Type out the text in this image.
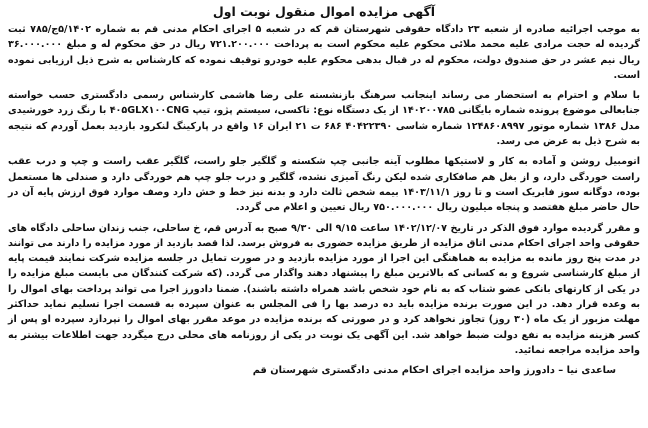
آگهی مزایده اموال منقول نوبت اول
به موجب اجرائیه صادره از شعبه ۲۳ دادگاه حقوقی شهرستان قم که در شعبه ۵ اجرای احکام مدنی قم به شماره ۵/۱۴۰۲ج/۷۸۵ ثبت گردیده له حجت مرادی علیه محمد ملائی محکوم علیه محکوم است به پرداخت ۷۲۱.۲۰۰.۰۰۰ ریال در حق محکوم له و مبلغ ۳۶.۰۰۰.۰۰۰ ریال نیم عشر در حق صندوق دولت، محکوم له در قبال بدهی محکوم علیه خودرو توقیف نموده که کارشناس به شرح ذیل ارزیابی نموده است.
با سلام و احترام به استحضار می رساند اینجانب سرهنگ بازنشسته علی رضا هاشمی کارشناس رسمی دادگستری حسب خواسته جنابعالی موضوع پرونده شماره بایگانی ۱۴۰۲۰۰۷۸۵ از یک دستگاه نوع: تاکسی، سیستم پژو، تیپ ۴۰۵GLX۱۰۰CNG با رنگ زرد خورشیدی مدل ۱۳۸۶ شماره موتور ۱۲۴۸۶۰۸۹۹۷ شماره شاسی ۴۰۴۲۲۳۹۰ ۶۸۶ ت ۲۱ ایران ۱۶ واقع در پارکینگ لنکرود بازدید بعمل آوردم که نتیجه به شرح ذیل به عرض می رسد.
اتومبیل روشن و آماده به کار و لاستیکها مطلوب آینه جانبی چپ شکسته و گلگیر جلو راست، گلگیر عقب راست و چپ و درب عقب راست خوردگی دارد، و از بغل هم صافکاری شده لیکن رنگ آمیزی نشده، گلگیر و درب جلو چپ هم خوردگی دارد و صندلی ها مستعمل بوده، دوگانه سوز فابریک است و تا روز ۱۴۰۳/۱۱/۱ بیمه شخص ثالث دارد و بدنه نیز خط و خش دارد وصف موارد فوق ارزش پایه آن در حال حاضر مبلغ هفتصد و پنجاه میلیون ریال ۷۵۰.۰۰۰.۰۰۰ ریال تعیین و اعلام می گردد.
و مقرر گردیده موارد فوق الذکر در تاریخ ۱۴۰۲/۱۲/۰۷ ساعت ۹/۱۵ الی ۹/۳۰ صبح به آدرس قم، خ ساحلی، جنب زندان ساحلی دادگاه های حقوقی واحد اجرای احکام مدنی اتاق مزایده از طریق مزایده حضوری به فروش برسد. لذا قصد بازدید از مورد مزایده را دارند می توانند در مدت پنج روز مانده به مزایده به هماهنگی این اجرا از مورد مزایده بازدید و در صورت تمایل در جلسه مزایده شرکت نمایند قیمت پایه از مبلغ کارشناسی شروع و به کسانی که بالاترین مبلغ را پیشنهاد دهند واگذار می گردد. (که شرکت کنندگان می بایست مبلغ مزایده را در یکی از کارتهای بانکی عضو شتاب که به نام خود شخص باشد همراه داشته باشند). ضمنا دادورز اجرا می تواند پرداخت بهای اموال را به وعده قرار دهد. در این صورت برنده مزایده باید ده درصد بها را فی المجلس به عنوان سپرده به قسمت اجرا تسلیم نماید حداکثر مهلت مزبور از یک ماه (۳۰ روز) تجاوز نخواهد کرد و در صورتی که برنده مزایده در موعد مقرر بهای اموال را نپردازد سپرده او پس از کسر هزینه مزایده به نفع دولت ضبط خواهد شد. این آگهی یک نوبت در یکی از روزنامه های محلی درج میگردد جهت اطلاعات بیشتر به واحد مزایده مراجعه نمائید.
ساعدی نیا – دادورز واحد مزایده اجرای احکام مدنی دادگستری شهرستان قم
